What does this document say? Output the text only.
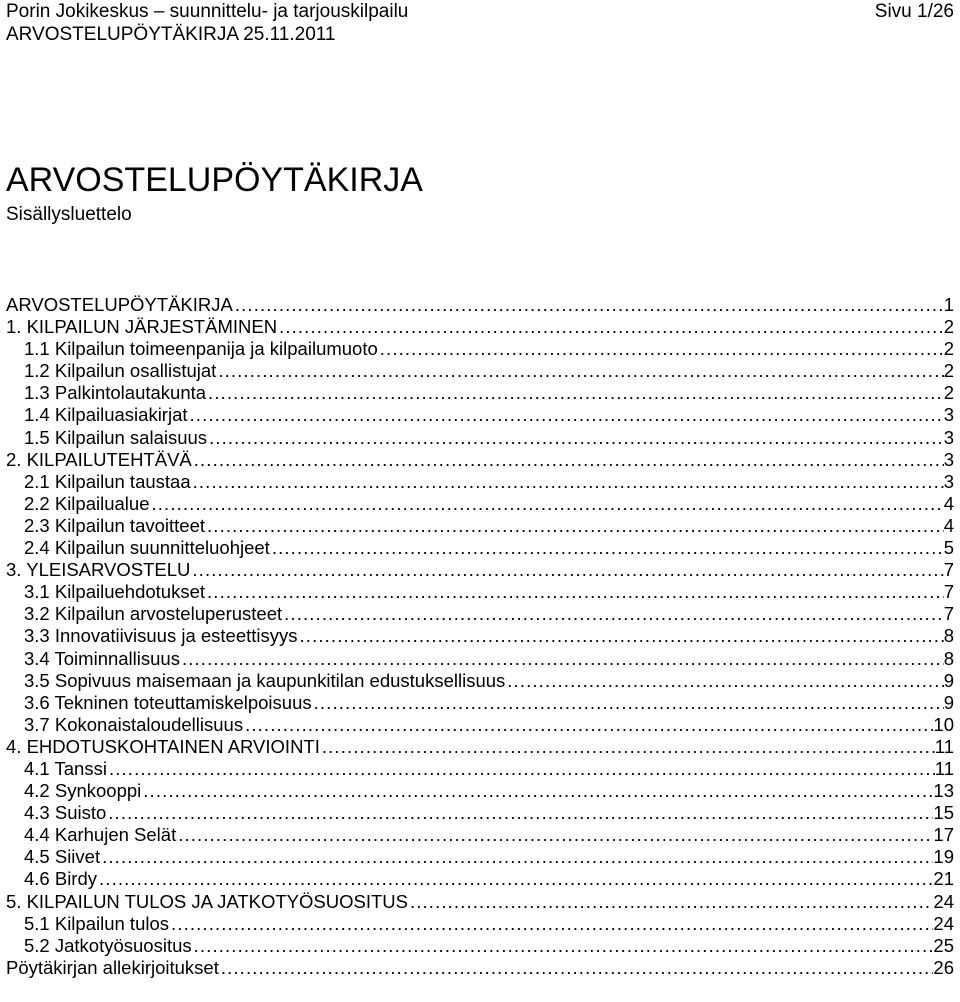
Porin Jokikeskus – suunnittelu- ja tarjouskilpailu	Sivu 1/26
ARVOSTELUPÖYTÄKIRJA 25.11.2011
ARVOSTELUPÖYTÄKIRJA
Sisällysluettelo
ARVOSTELUPÖYTÄKIRJA . . .	1
1. KILPAILUN JÄRJESTÄMINEN . . .	2
1.1 Kilpailun toimeenpanija ja kilpailumuoto . . .	2
1.2 Kilpailun osallistujat . . .	2
1.3 Palkintolautakunta . . .	2
1.4 Kilpailuasiakirjat . . .	3
1.5 Kilpailun salaisuus . . .	3
2. KILPAILUTEHTÄVÄ . . .	3
2.1 Kilpailun taustaa . . .	3
2.2 Kilpailualue . . .	4
2.3 Kilpailun tavoitteet . . .	4
2.4 Kilpailun suunnitteluohjeet . . .	5
3. YLEISARVOSTELU . . .	7
3.1 Kilpailuehdotukset . . .	7
3.2 Kilpailun arvosteluperusteet . . .	7
3.3 Innovatiivisuus ja esteettisyys . . .	8
3.4 Toiminnallisuus . . .	8
3.5 Sopivuus maisemaan ja kaupunkitilan edustuksellisuus . . .	9
3.6 Tekninen toteuttamiskelpoisuus . . .	9
3.7 Kokonaistaloudellisuus . . .	10
4. EHDOTUSKOHTAINEN ARVIOINTI . . .	11
4.1 Tanssi . . .	11
4.2 Synkooppi . . .	13
4.3 Suisto . . .	15
4.4 Karhujen Selät . . .	17
4.5 Siivet . . .	19
4.6 Birdy . . .	21
5. KILPAILUN TULOS JA JATKOTYÖSUOSITUS . . .	24
5.1 Kilpailun tulos . . .	24
5.2 Jatkotyösuositus . . .	25
Pöytäkirjan allekirjoitukset . . .	26
